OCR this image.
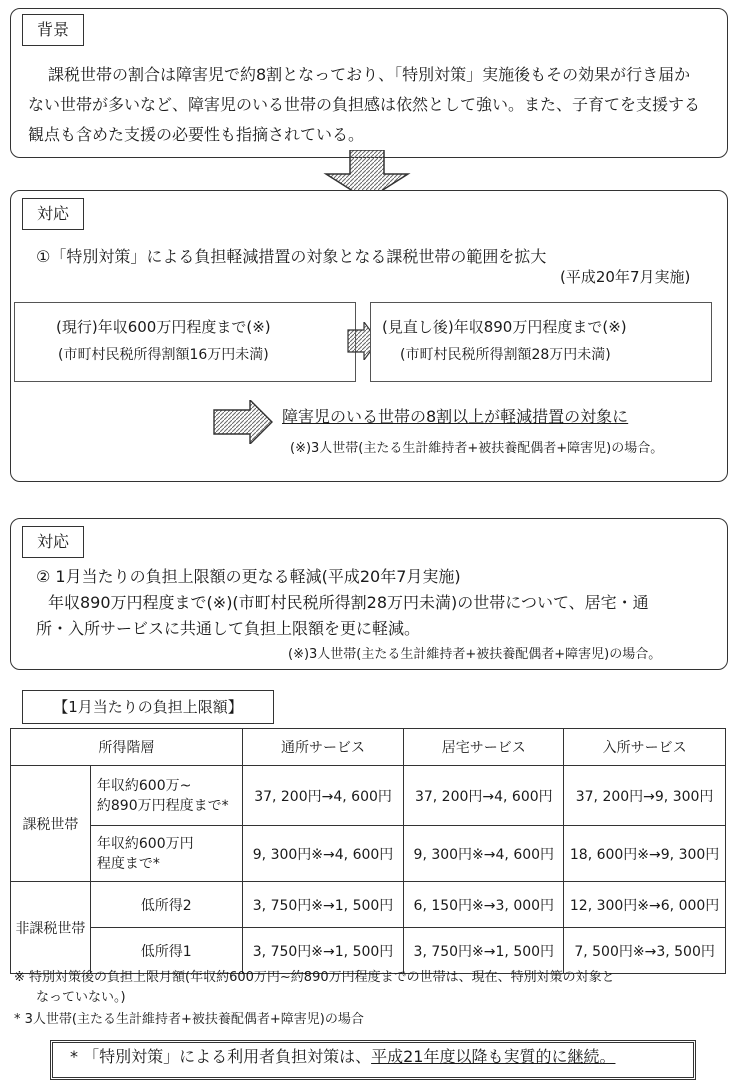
背景
課税世帯の割合は障害児で約8割となっており、「特別対策」実施後もその効果が行き届か
ない世帯が多いなど、障害児のいる世帯の負担感は依然として強い。また、子育てを支援する
観点も含めた支援の必要性も指摘されている。
対応
①「特別対策」による負担軽減措置の対象となる課税世帯の範囲を拡大
(平成20年7月実施)
(現行)年収600万円程度まで(※)
(市町村民税所得割額16万円未満)
(見直し後)年収890万円程度まで(※)
(市町村民税所得割額28万円未満)
障害児のいる世帯の8割以上が軽減措置の対象に
(※)3人世帯(主たる生計維持者+被扶養配偶者+障害児)の場合。
対応
② 1月当たりの負担上限額の更なる軽減(平成20年7月実施)
年収890万円程度まで(※)(市町村民税所得割28万円未満)の世帯について、居宅・通
所・入所サービスに共通して負担上限額を更に軽減。
(※)3人世帯(主たる生計維持者+被扶養配偶者+障害児)の場合。
【1月当たりの負担上限額】
所得階層		通所サービス	居宅サービス	入所サービス
課税世帯	年収約600万~
約890万円程度まで*	37, 200円→4, 600円	37, 200円→4, 600円	37, 200円→9, 300円
	年収約600万円
程度まで*	9, 300円※→4, 600円	9, 300円※→4, 600円	18, 600円※→9, 300円
非課税世帯	低所得2	3, 750円※→1, 500円	6, 150円※→3, 000円	12, 300円※→6, 000円
	低所得1	3, 750円※→1, 500円	3, 750円※→1, 500円	7, 500円※→3, 500円
※ 特別対策後の負担上限月額(年収約600万円~約890万円程度までの世帯は、現在、特別対策の対象と
なっていない。)
* 3人世帯(主たる生計維持者+被扶養配偶者+障害児)の場合
* 「特別対策」による利用者負担対策は、平成21年度以降も実質的に継続。
